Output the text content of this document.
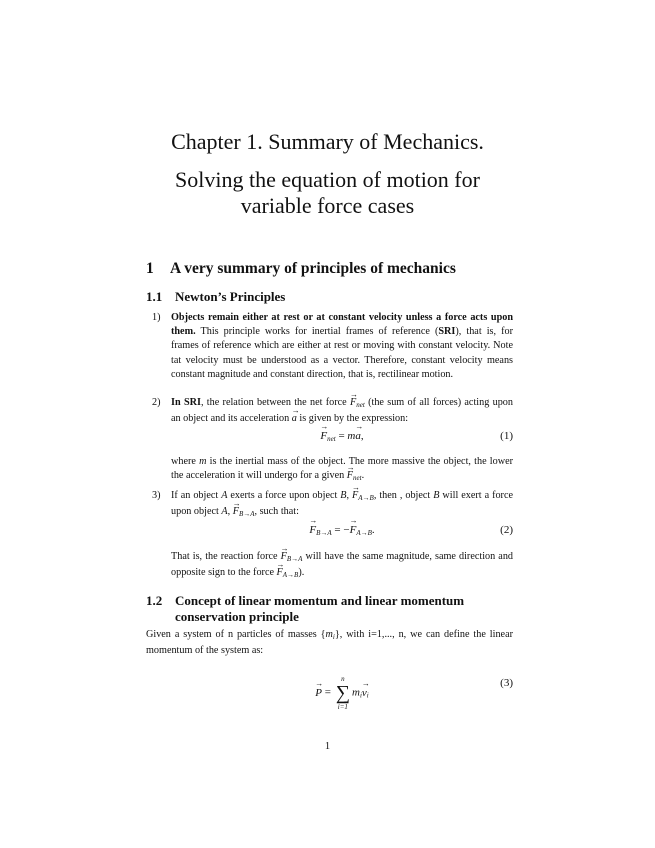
Chapter 1. Summary of Mechanics.
Solving the equation of motion for
variable force cases
1 A very summary of principles of mechanics
1.1 Newton’s Principles
1) Objects remain either at rest or at constant velocity unless a force acts upon them. This principle works for inertial frames of reference (SRI), that is, for frames of reference which are either at rest or moving with constant velocity. Note tat velocity must be understood as a vector. Therefore, constant velocity means constant magnitude and constant direction, that is, rectilinear motion.

2) In SRI, the relation between the net force → $F_{net}$ (the sum of all forces) acting upon an object and its acceleration → a is given by the expression:

→ $F_{net} = m\to a$,	(1)

where m is the inertial mass of the object. The more massive the object, the lower the acceleration it will undergo for a given → $F_{net}$.

3) If an object A exerts a force upon object B, → $F_{A\to B}$, then , object B will exert a force upon object A, → $F_{B\to A}$, such that:

→ $F_{B\to A}$ = −→ $F_{A\to B}$.	(2)

That is, the reaction force → $F_{B\to A}$ will have the same magnitude, same direction and opposite sign to the force → $F_{A\to B}$).

1.2 Concept of linear momentum and linear momentum conservation principle

Given a system of n particles of masses $\{m_i\}$, with i=1,..., n, we can define the linear momentum of the system as:

→ P =
n
∑
i=1
$m_i\to v_i$
(3)
1
